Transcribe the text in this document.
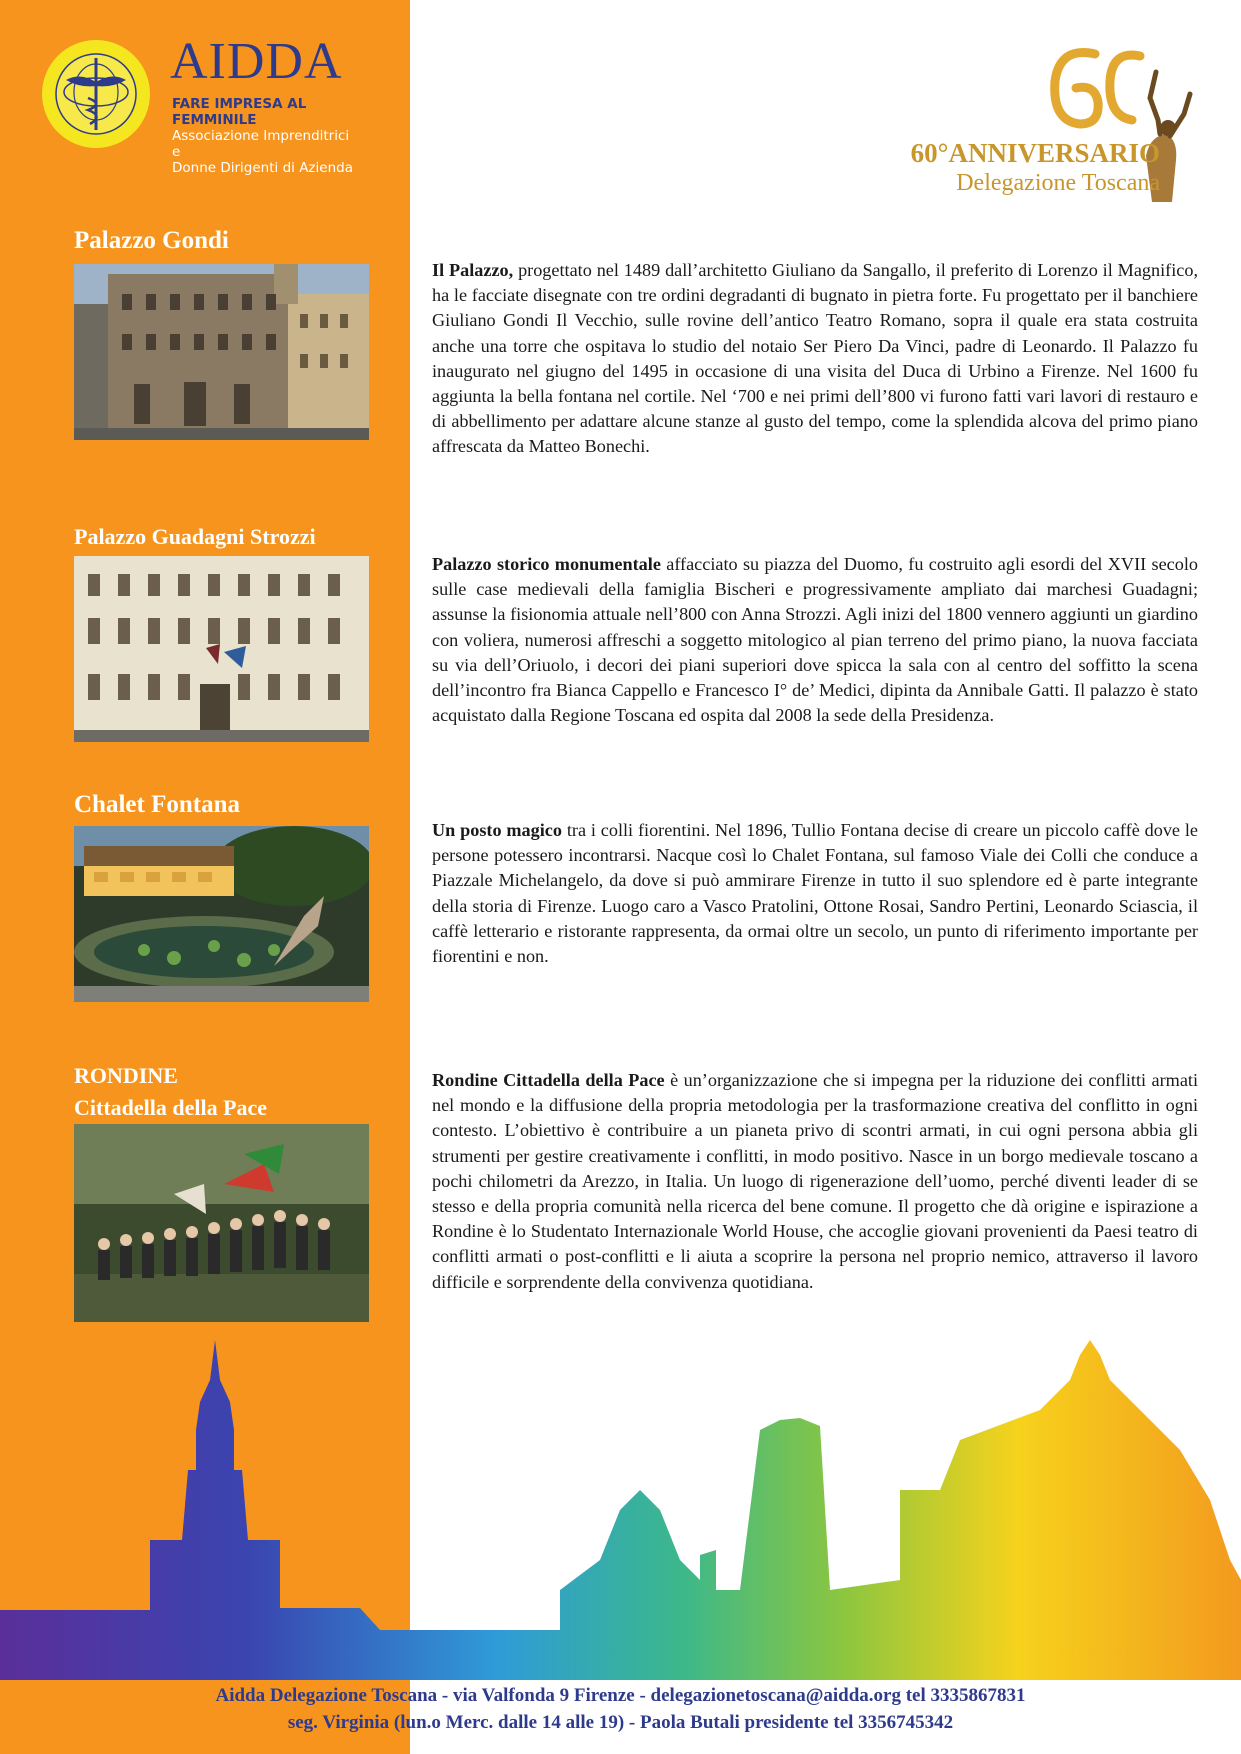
AIDDA
FARE IMPRESA AL FEMMINILE
Associazione Imprenditrici e
Donne Dirigenti di Azienda	60°ANNIVERSARIO
Delegazione Toscana
Palazzo Gondi

Il Palazzo, progettato nel 1489 dall’architetto Giuliano da Sangallo, il preferito di Lorenzo il Magnifico, ha le facciate disegnate con tre ordini degradanti di bugnato in pietra forte. Fu progettato per il banchiere Giuliano Gondi Il Vecchio, sulle rovine dell’antico Teatro Romano, sopra il quale era stata costruita anche una torre che ospitava lo studio del notaio Ser Piero Da Vinci, padre di Leonardo. Il Palazzo fu inaugurato nel giugno del 1495 in occasione di una visita del Duca di Urbino a Firenze. Nel 1600 fu aggiunta la bella fontana nel cortile. Nel ‘700 e nei primi dell’800 vi furono fatti vari lavori di restauro e di abbellimento per adattare alcune stanze al gusto del tempo, come la splendida alcova del primo piano affrescata da Matteo Bonechi.

Palazzo Guadagni Strozzi

Palazzo storico monumentale affacciato su piazza del Duomo, fu costruito agli esordi del XVII secolo sulle case medievali della famiglia Bischeri e progressivamente ampliato dai marchesi Guadagni; assunse la fisionomia attuale nell’800 con Anna Strozzi. Agli inizi del 1800 vennero aggiunti un giardino con voliera, numerosi affreschi a soggetto mitologico al pian terreno del primo piano, la nuova facciata su via dell’Oriuolo, i decori dei piani superiori dove spicca la sala con al centro del soffitto la scena dell’incontro fra Bianca Cappello e Francesco I° de’ Medici, dipinta da Annibale Gatti. Il palazzo è stato acquistato dalla Regione Toscana ed ospita dal 2008 la sede della Presidenza.

Chalet Fontana

Un posto magico tra i colli fiorentini. Nel 1896, Tullio Fontana decise di creare un piccolo caffè dove le persone potessero incontrarsi. Nacque così lo Chalet Fontana, sul famoso Viale dei Colli che conduce a Piazzale Michelangelo, da dove si può ammirare Firenze in tutto il suo splendore ed è parte integrante della storia di Firenze. Luogo caro a Vasco Pratolini, Ottone Rosai, Sandro Pertini, Leonardo Sciascia, il caffè letterario e ristorante rappresenta, da ormai oltre un secolo, un punto di riferimento importante per fiorentini e non.

RONDINE
Cittadella della Pace

Rondine Cittadella della Pace è un’organizzazione che si impegna per la riduzione dei conflitti armati nel mondo e la diffusione della propria metodologia per la trasformazione creativa del conflitto in ogni contesto. L’obiettivo è contribuire a un pianeta privo di scontri armati, in cui ogni persona abbia gli strumenti per gestire creativamente i conflitti, in modo positivo. Nasce in un borgo medievale toscano a pochi chilometri da Arezzo, in Italia. Un luogo di rigenerazione dell’uomo, perché diventi leader di se stesso e della propria comunità nella ricerca del bene comune. Il progetto che dà origine e ispirazione a Rondine è lo Studentato Internazionale World House, che accoglie giovani provenienti da Paesi teatro di conflitti armati o post-conflitti e li aiuta a scoprire la persona nel proprio nemico, attraverso il lavoro difficile e sorprendente della convivenza quotidiana.

Aidda Delegazione Toscana - via Valfonda 9 Firenze - delegazionetoscana@aidda.org tel 3335867831
seg. Virginia (lun.o Merc. dalle 14 alle 19) - Paola Butali presidente tel 3356745342
